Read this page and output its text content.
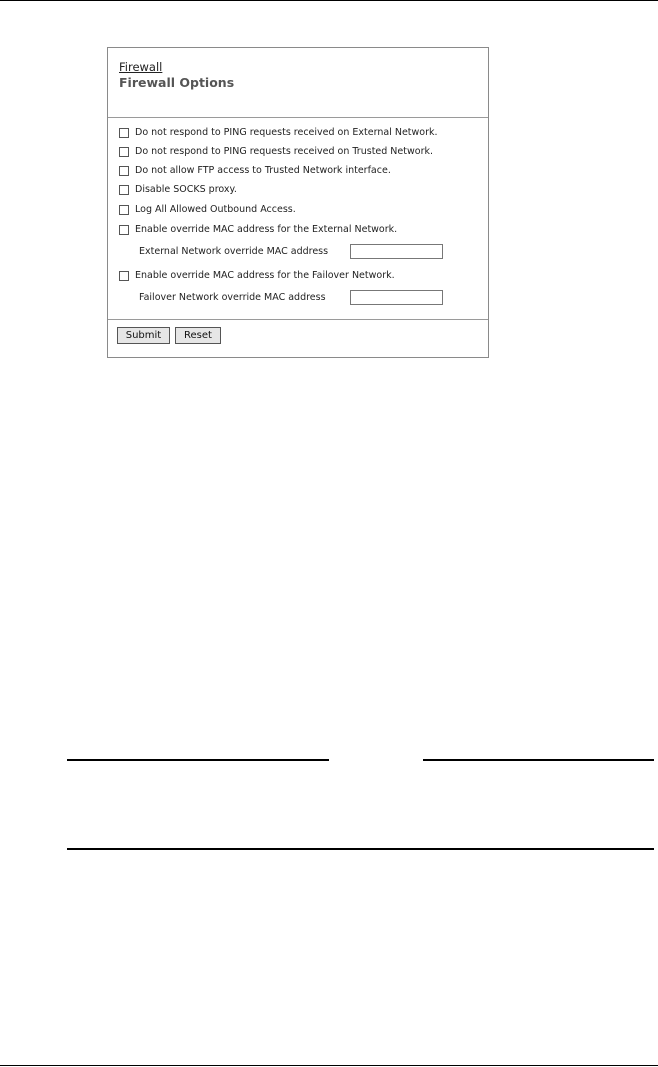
Firewall
Firewall Options
Do not respond to PING requests received on External Network.
Do not respond to PING requests received on Trusted Network.
Do not allow FTP access to Trusted Network interface.
Disable SOCKS proxy.
Log All Allowed Outbound Access.
Enable override MAC address for the External Network.
External Network override MAC address
Enable override MAC address for the Failover Network.
Failover Network override MAC address
Submit	Reset
